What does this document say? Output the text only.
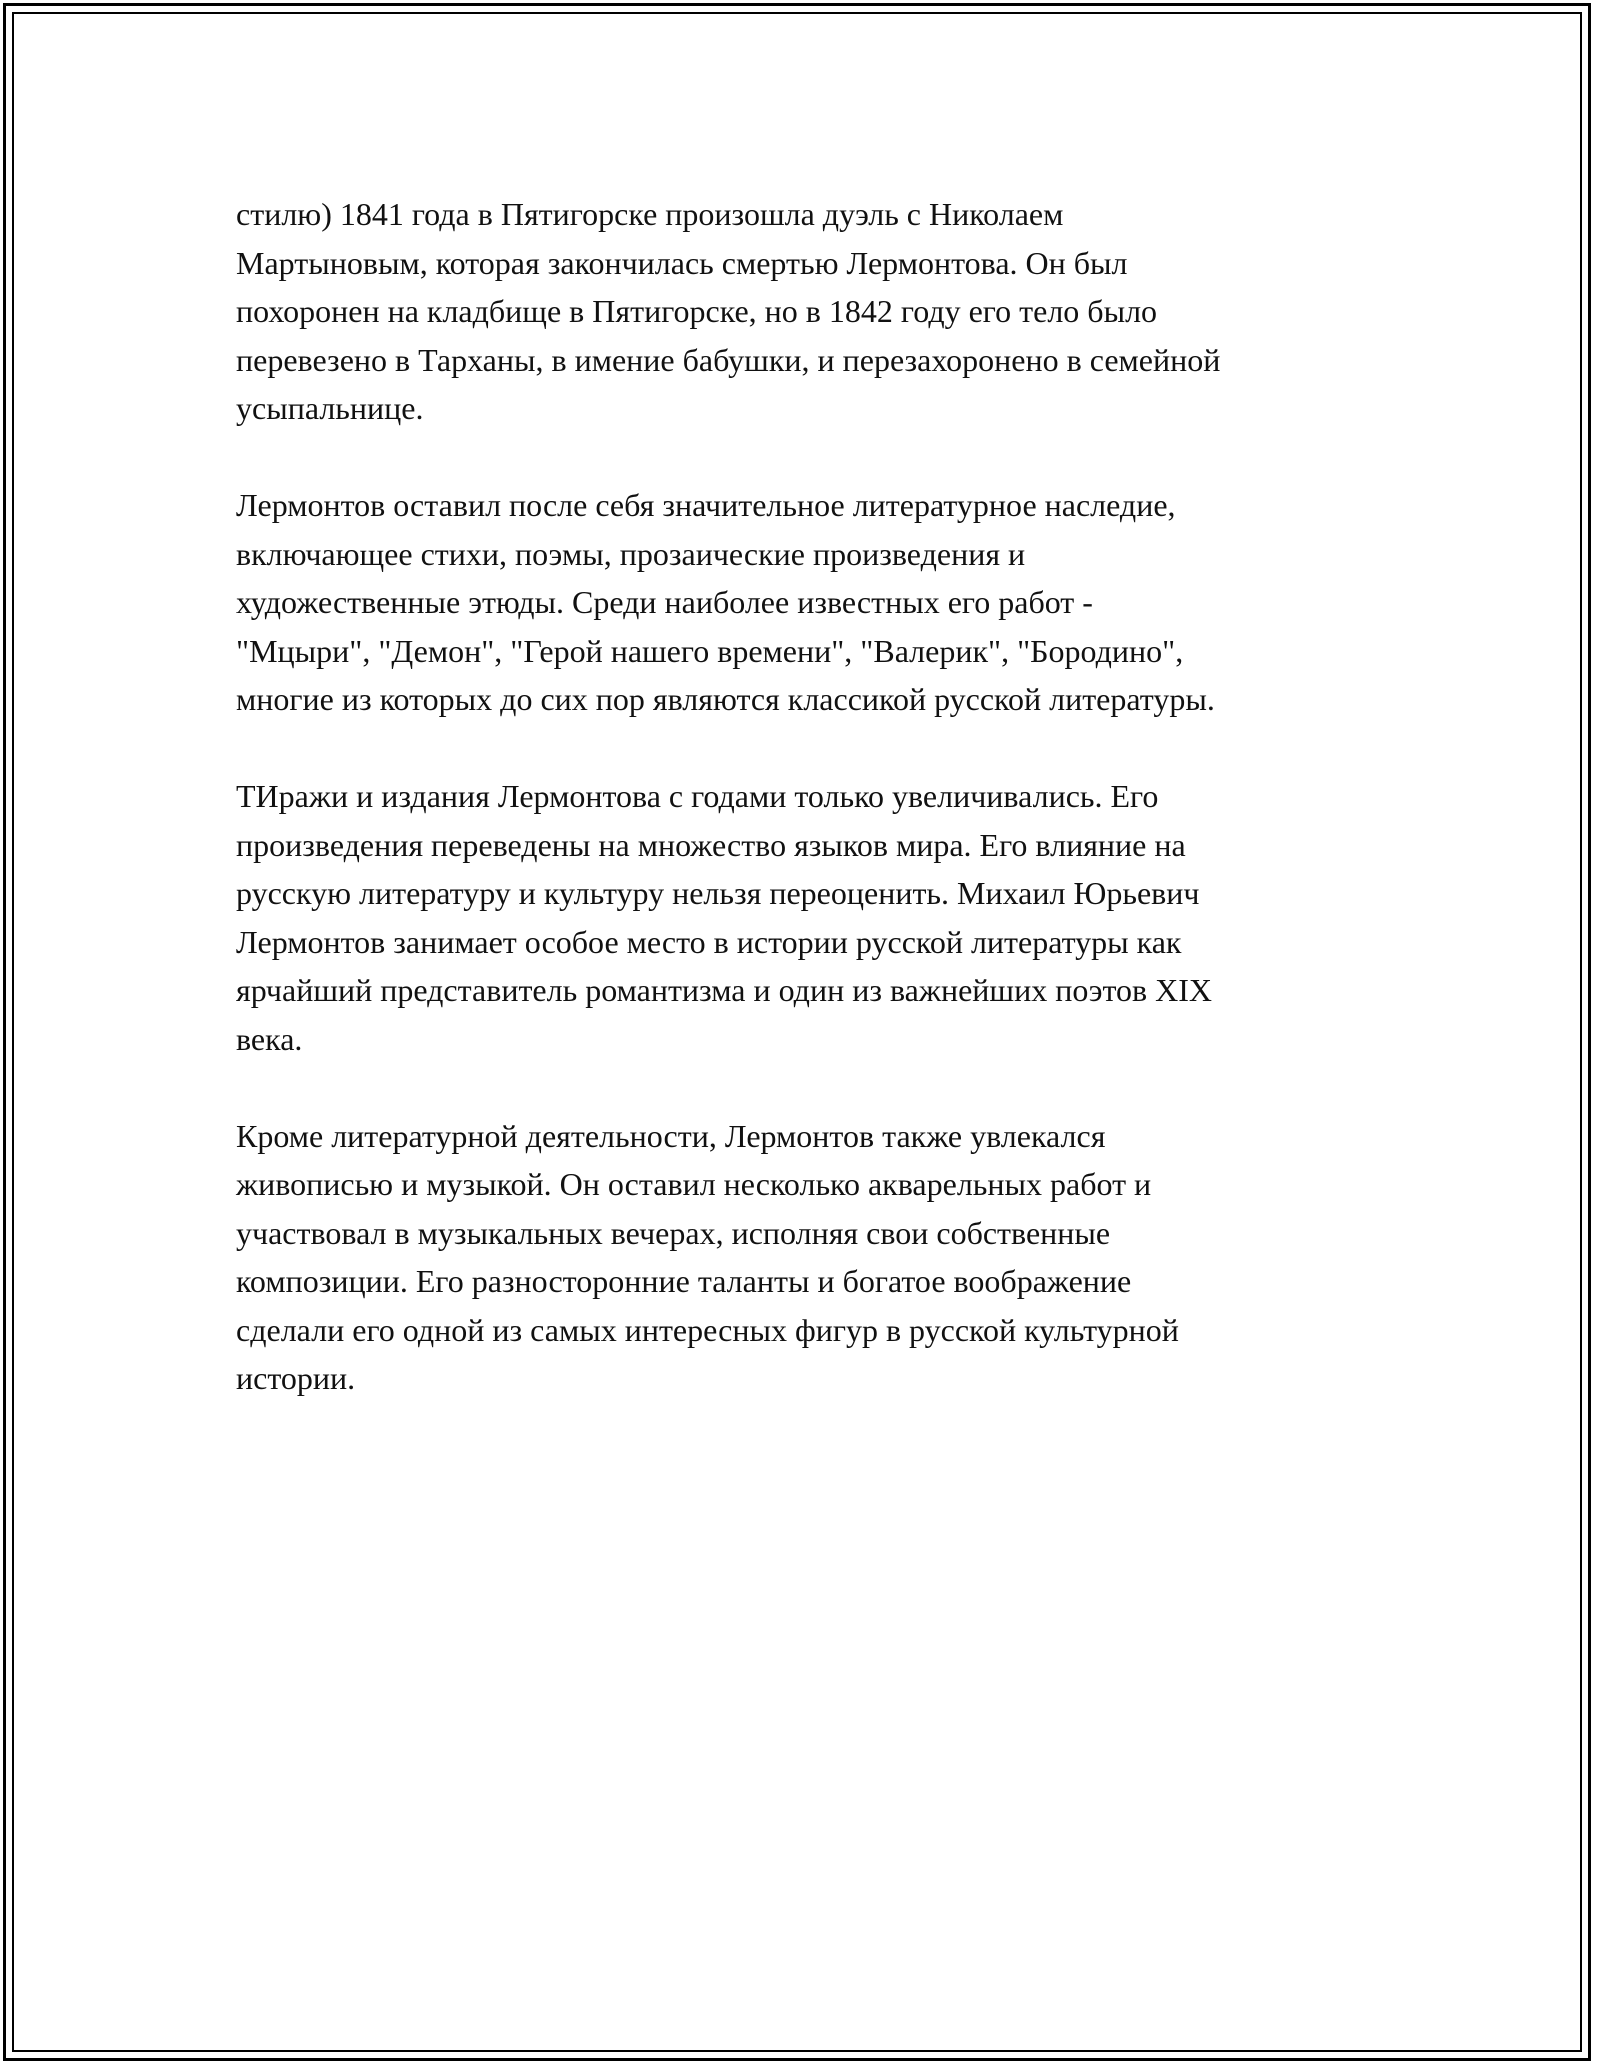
стилю) 1841 года в Пятигорске произошла дуэль с Николаем
Мартыновым, которая закончилась смертью Лермонтова. Он был
похоронен на кладбище в Пятигорске, но в 1842 году его тело было
перевезено в Тарханы, в имение бабушки, и перезахоронено в семейной
усыпальнице.
Лермонтов оставил после себя значительное литературное наследие,
включающее стихи, поэмы, прозаические произведения и
художественные этюды. Среди наиболее известных его работ -
"Мцыри", "Демон", "Герой нашего времени", "Валерик", "Бородино",
многие из которых до сих пор являются классикой русской литературы.
ТИражи и издания Лермонтова с годами только увеличивались. Его
произведения переведены на множество языков мира. Его влияние на
русскую литературу и культуру нельзя переоценить. Михаил Юрьевич
Лермонтов занимает особое место в истории русской литературы как
ярчайший представитель романтизма и один из важнейших поэтов XIX
века.
Кроме литературной деятельности, Лермонтов также увлекался
живописью и музыкой. Он оставил несколько акварельных работ и
участвовал в музыкальных вечерах, исполняя свои собственные
композиции. Его разносторонние таланты и богатое воображение
сделали его одной из самых интересных фигур в русской культурной
истории.
